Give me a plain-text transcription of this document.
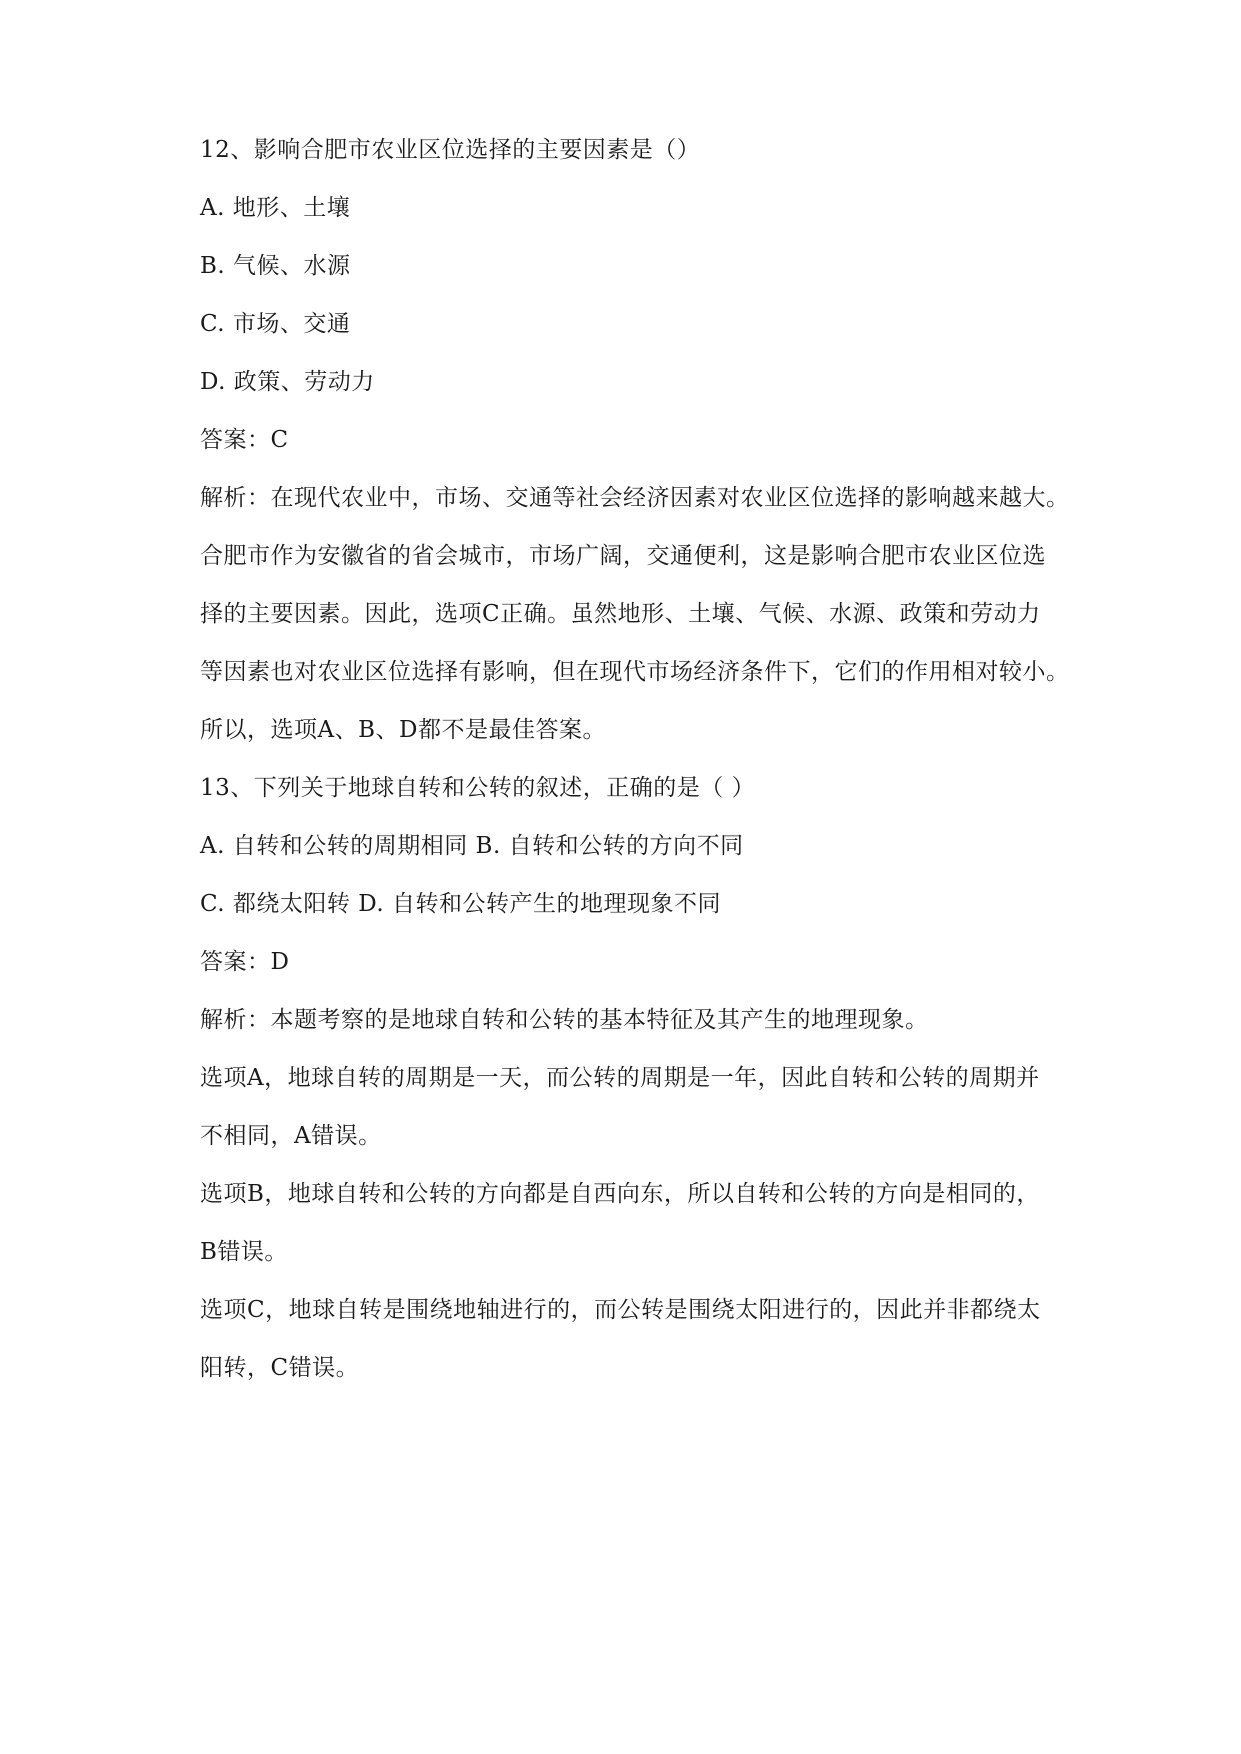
12、影响合肥市农业区位选择的主要因素是（）
A. 地形、土壤
B. 气候、水源
C. 市场、交通
D. 政策、劳动力
答案：C
解析：在现代农业中，市场、交通等社会经济因素对农业区位选择的影响越来越大。
合肥市作为安徽省的省会城市，市场广阔，交通便利，这是影响合肥市农业区位选
择的主要因素。因此，选项C正确。虽然地形、土壤、气候、水源、政策和劳动力
等因素也对农业区位选择有影响，但在现代市场经济条件下，它们的作用相对较小。
所以，选项A、B、D都不是最佳答案。
13、下列关于地球自转和公转的叙述，正确的是（ ）
A. 自转和公转的周期相同 B. 自转和公转的方向不同
C. 都绕太阳转 D. 自转和公转产生的地理现象不同
答案：D
解析：本题考察的是地球自转和公转的基本特征及其产生的地理现象。
选项A，地球自转的周期是一天，而公转的周期是一年，因此自转和公转的周期并
不相同，A错误。
选项B，地球自转和公转的方向都是自西向东，所以自转和公转的方向是相同的，
B错误。
选项C，地球自转是围绕地轴进行的，而公转是围绕太阳进行的，因此并非都绕太
阳转，C错误。
